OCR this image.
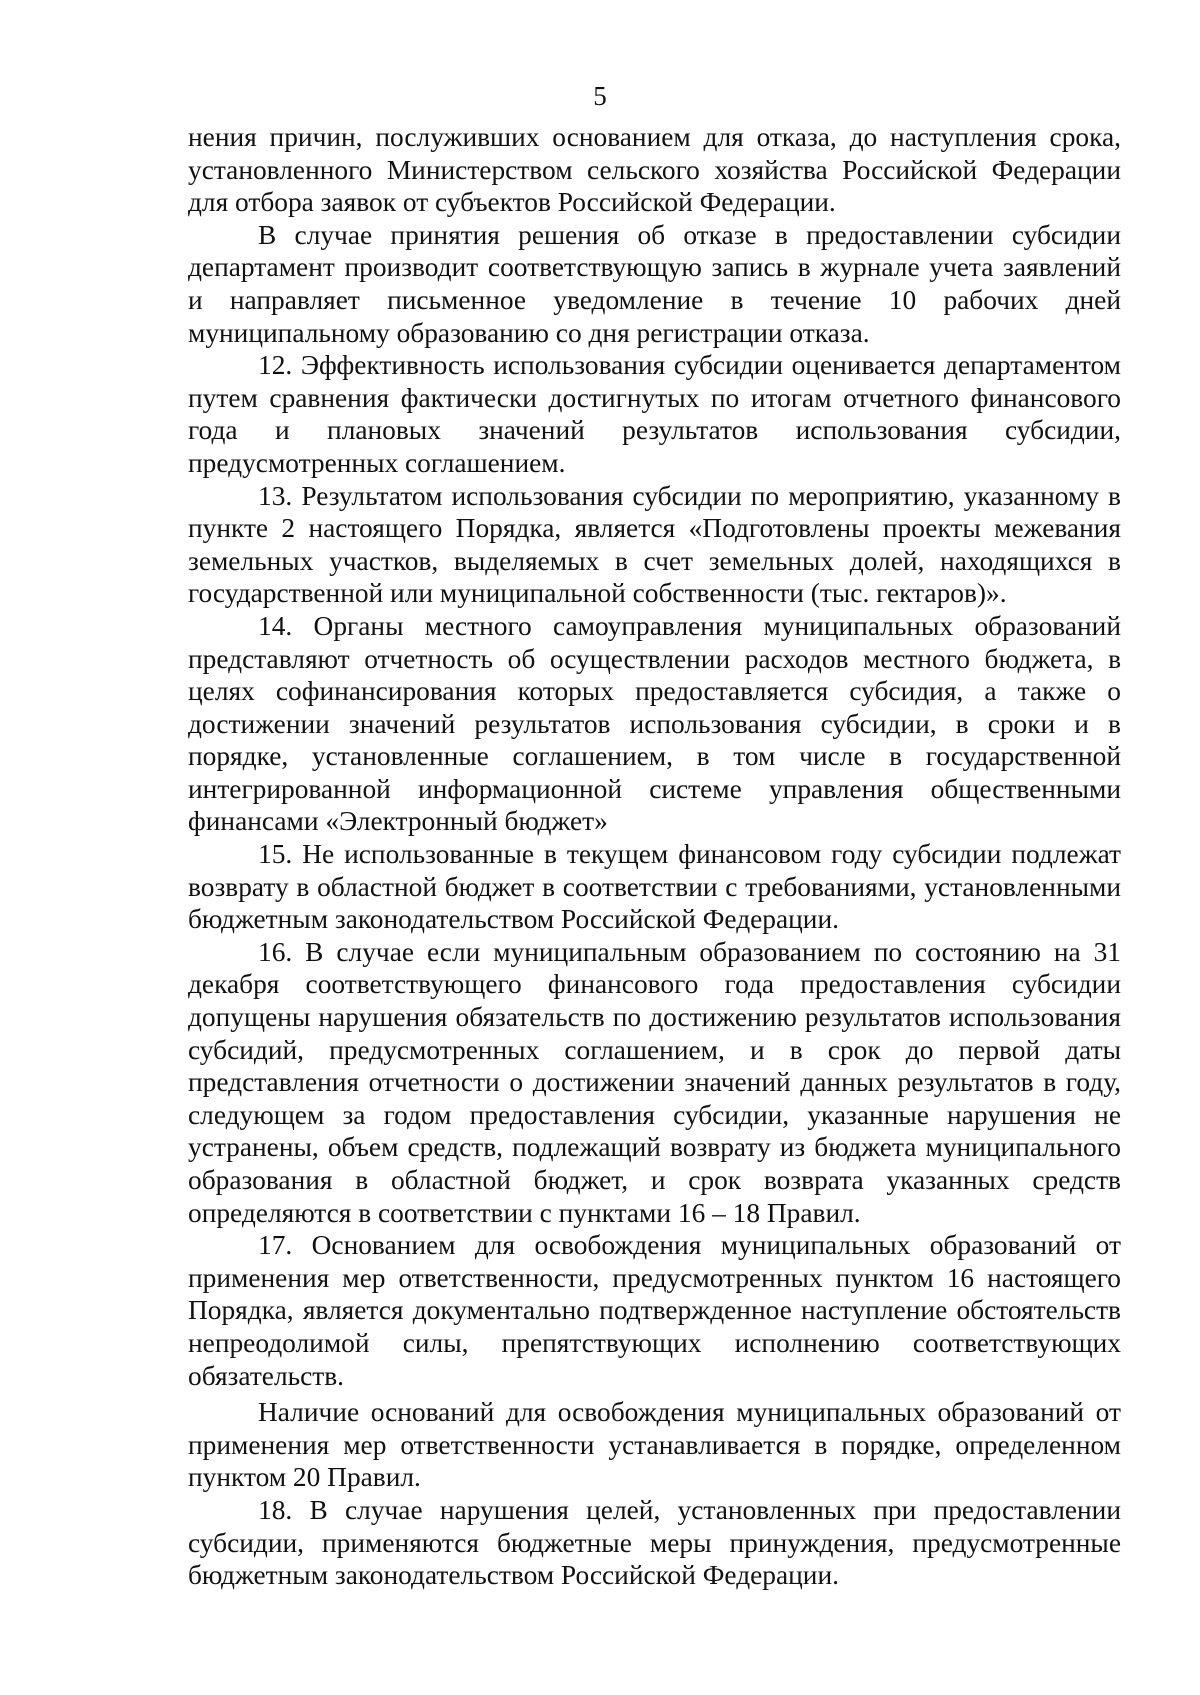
5

нения причин, послуживших основанием для отказа, до наступления срока, установленного Министерством сельского хозяйства Российской Федерации для отбора заявок от субъектов Российской Федерации.

В случае принятия решения об отказе в предоставлении субсидии департамент производит соответствующую запись в журнале учета заявлений и направляет письменное уведомление в течение 10 рабочих дней муниципальному образованию со дня регистрации отказа.

12. Эффективность использования субсидии оценивается департаментом путем сравнения фактически достигнутых по итогам отчетного финансового года и плановых значений результатов использования субсидии, предусмотренных соглашением.

13. Результатом использования субсидии по мероприятию, указанному в пункте 2 настоящего Порядка, является «Подготовлены проекты межевания земельных участков, выделяемых в счет земельных долей, находящихся в государственной или муниципальной собственности (тыс. гектаров)».

14. Органы местного самоуправления муниципальных образований представляют отчетность об осуществлении расходов местного бюджета, в целях софинансирования которых предоставляется субсидия, а также о достижении значений результатов использования субсидии, в сроки и в порядке, установленные соглашением, в том числе в государственной интегрированной информационной системе управления общественными финансами «Электронный бюджет»

15. Не использованные в текущем финансовом году субсидии подлежат возврату в областной бюджет в соответствии с требованиями, установленными бюджетным законодательством Российской Федерации.

16. В случае если муниципальным образованием по состоянию на 31 декабря соответствующего финансового года предоставления субсидии допущены нарушения обязательств по достижению результатов использования субсидий, предусмотренных соглашением, и в срок до первой даты представления отчетности о достижении значений данных результатов в году, следующем за годом предоставления субсидии, указанные нарушения не устранены, объем средств, подлежащий возврату из бюджета муниципального образования в областной бюджет, и срок возврата указанных средств определяются в соответствии с пунктами 16 – 18 Правил.

17. Основанием для освобождения муниципальных образований от применения мер ответственности, предусмотренных пунктом 16 настоящего Порядка, является документально подтвержденное наступление обстоятельств непреодолимой силы, препятствующих исполнению соответствующих обязательств.

Наличие оснований для освобождения муниципальных образований от применения мер ответственности устанавливается в порядке, определенном пунктом 20 Правил.

18. В случае нарушения целей, установленных при предоставлении субсидии, применяются бюджетные меры принуждения, предусмотренные бюджетным законодательством Российской Федерации.
